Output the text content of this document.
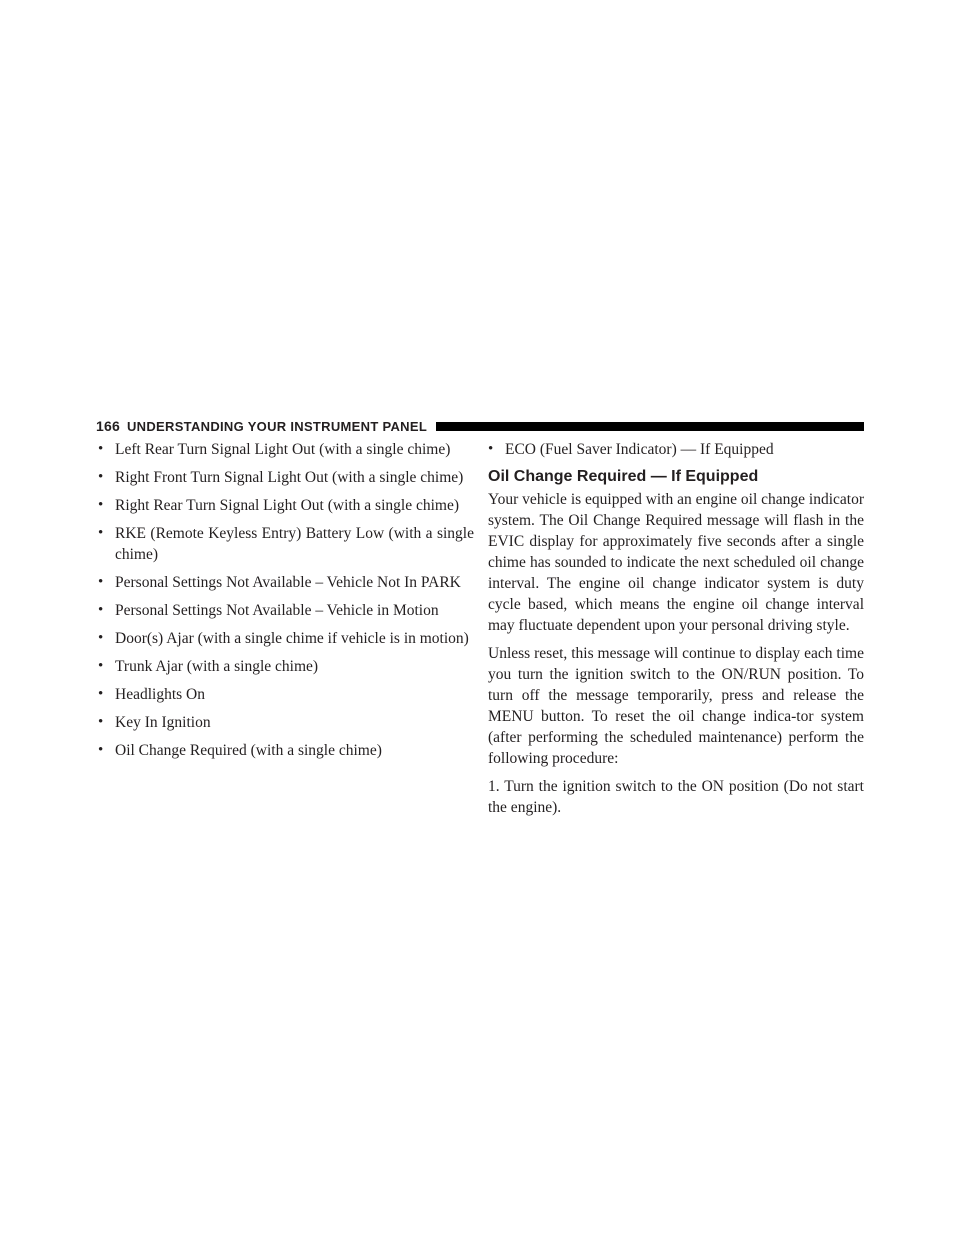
166 UNDERSTANDING YOUR INSTRUMENT PANEL
• Left Rear Turn Signal Light Out (with a single chime)
• Right Front Turn Signal Light Out (with a single chime)
• Right Rear Turn Signal Light Out (with a single chime)
• RKE (Remote Keyless Entry) Battery Low (with a single chime)
• Personal Settings Not Available – Vehicle Not In PARK
• Personal Settings Not Available – Vehicle in Motion
• Door(s) Ajar (with a single chime if vehicle is in motion)
• Trunk Ajar (with a single chime)
• Headlights On
• Key In Ignition
• Oil Change Required (with a single chime)
• ECO (Fuel Saver Indicator) — If Equipped
Oil Change Required — If Equipped

Your vehicle is equipped with an engine oil change indicator system. The Oil Change Required message will flash in the EVIC display for approximately five seconds after a single chime has sounded to indicate the next scheduled oil change interval. The engine oil change indicator system is duty cycle based, which means the engine oil change interval may fluctuate dependent upon your personal driving style.

Unless reset, this message will continue to display each time you turn the ignition switch to the ON/RUN position. To turn off the message temporarily, press and release the MENU button. To reset the oil change indica-tor system (after performing the scheduled maintenance) perform the following procedure:

1. Turn the ignition switch to the ON position (Do not start the engine).
